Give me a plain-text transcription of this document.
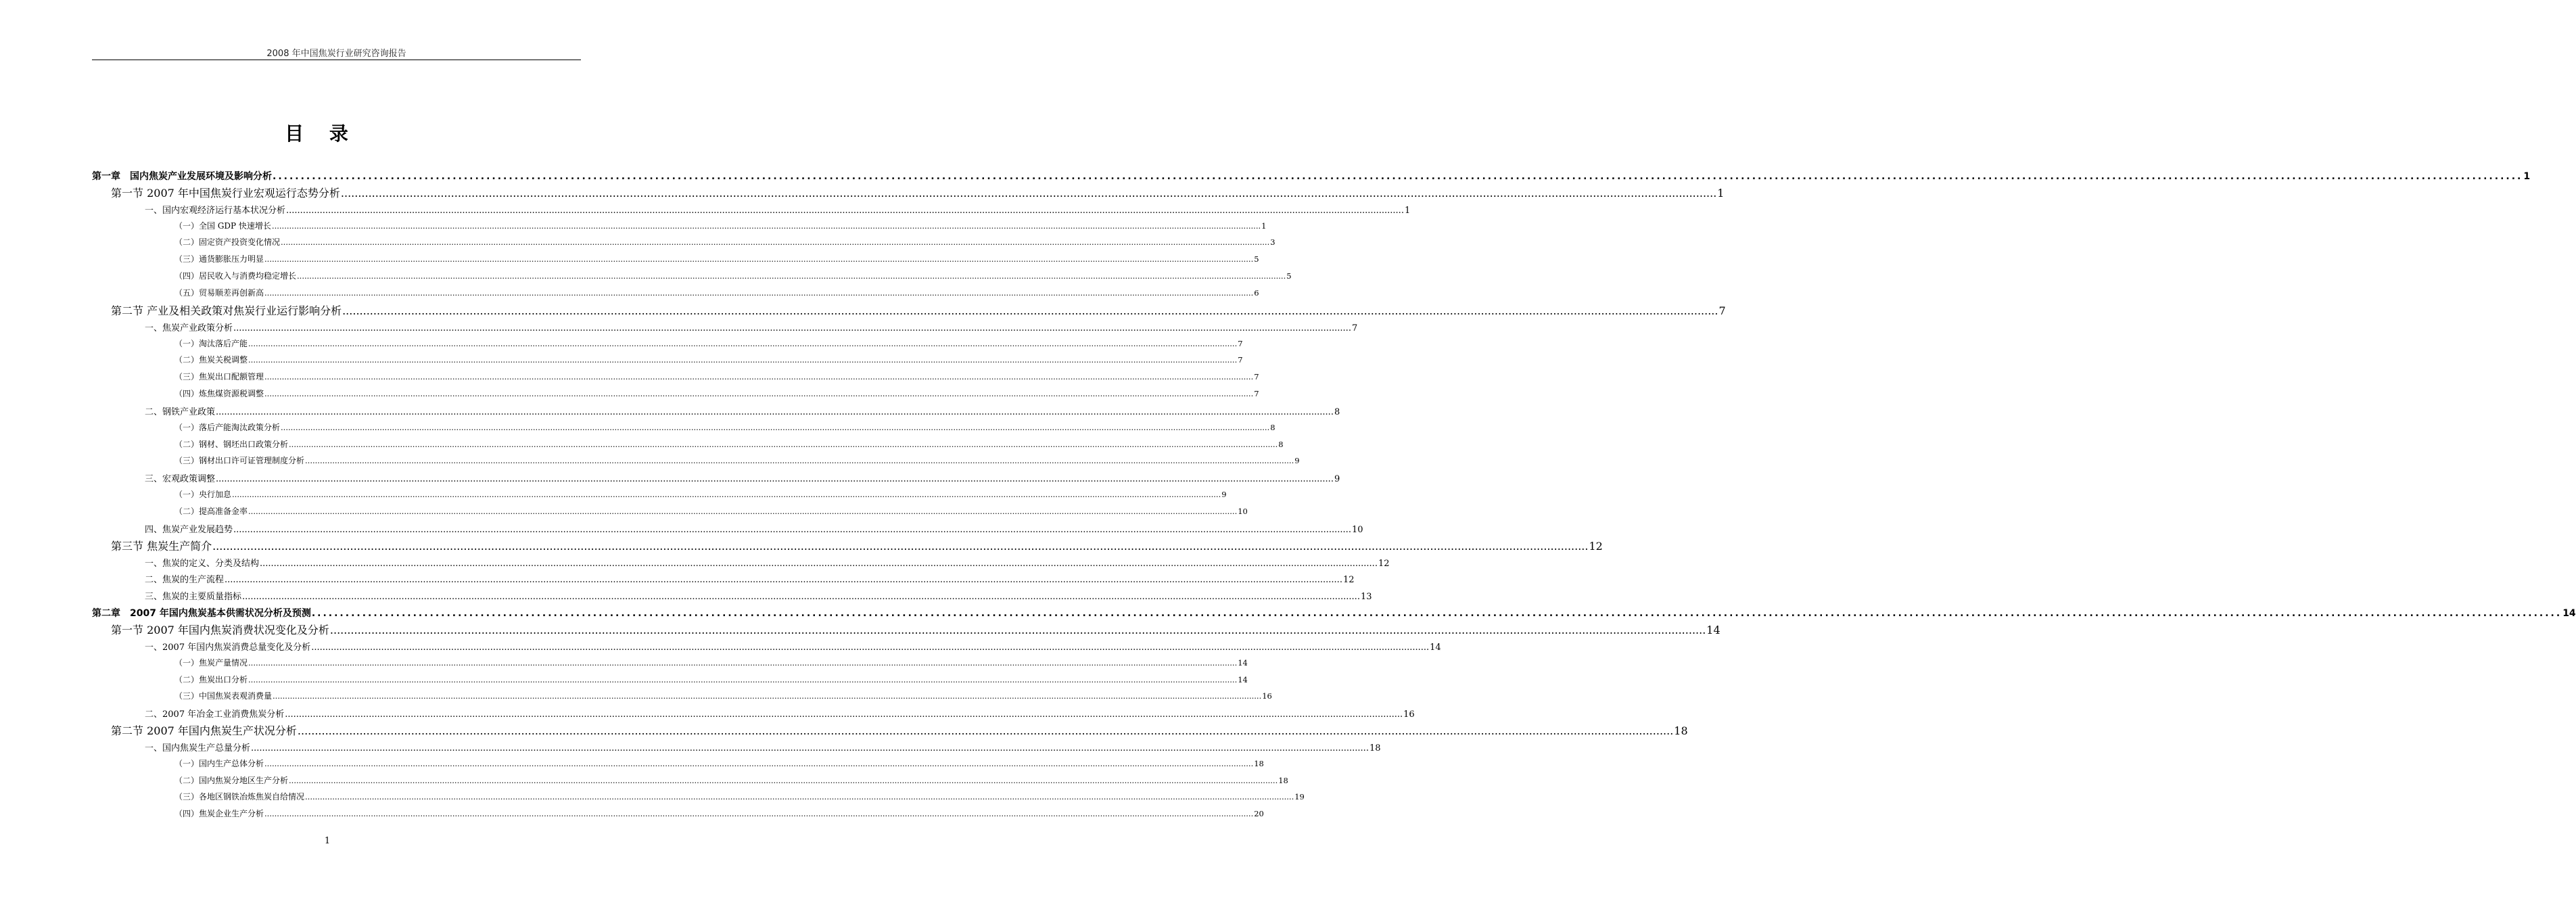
2008 年中国焦炭行业研究咨询报告
目 录
第一章　国内焦炭产业发展环境及影响分析 ................................................................................................................................................................................................................................................................................................................................................................................................................ 1
第一节 2007 年中国焦炭行业宏观运行态势分析 ................................................................................................................................................................................................................................................................................................................................................................................................................ 1
一、国内宏观经济运行基本状况分析 ................................................................................................................................................................................................................................................................................................................................................................................................................ 1
（一）全国 GDP 快速增长 ................................................................................................................................................................................................................................................................................................................................................................................................................ 1
（二）固定资产投资变化情况 ................................................................................................................................................................................................................................................................................................................................................................................................................ 3
（三）通货膨胀压力明显 ................................................................................................................................................................................................................................................................................................................................................................................................................ 5
（四）居民收入与消费均稳定增长 ................................................................................................................................................................................................................................................................................................................................................................................................................ 5
（五）贸易顺差再创新高 ................................................................................................................................................................................................................................................................................................................................................................................................................ 6
第二节 产业及相关政策对焦炭行业运行影响分析 ................................................................................................................................................................................................................................................................................................................................................................................................................ 7
一、焦炭产业政策分析 ................................................................................................................................................................................................................................................................................................................................................................................................................ 7
（一）淘汰落后产能 ................................................................................................................................................................................................................................................................................................................................................................................................................ 7
（二）焦炭关税调整 ................................................................................................................................................................................................................................................................................................................................................................................................................ 7
（三）焦炭出口配额管理 ................................................................................................................................................................................................................................................................................................................................................................................................................ 7
（四）炼焦煤资源税调整 ................................................................................................................................................................................................................................................................................................................................................................................................................ 7
二、钢铁产业政策 ................................................................................................................................................................................................................................................................................................................................................................................................................ 8
（一）落后产能淘汰政策分析 ................................................................................................................................................................................................................................................................................................................................................................................................................ 8
（二）钢材、钢坯出口政策分析 ................................................................................................................................................................................................................................................................................................................................................................................................................ 8
（三）钢材出口许可证管理制度分析 ................................................................................................................................................................................................................................................................................................................................................................................................................ 9
三、宏观政策调整 ................................................................................................................................................................................................................................................................................................................................................................................................................ 9
（一）央行加息 ................................................................................................................................................................................................................................................................................................................................................................................................................ 9
（二）提高准备金率 ................................................................................................................................................................................................................................................................................................................................................................................................................ 10
四、焦炭产业发展趋势 ................................................................................................................................................................................................................................................................................................................................................................................................................ 10
第三节 焦炭生产简介 ................................................................................................................................................................................................................................................................................................................................................................................................................ 12
一、焦炭的定义、分类及结构 ................................................................................................................................................................................................................................................................................................................................................................................................................ 12
二、焦炭的生产流程 ................................................................................................................................................................................................................................................................................................................................................................................................................ 12
三、焦炭的主要质量指标 ................................................................................................................................................................................................................................................................................................................................................................................................................ 13
第二章　2007 年国内焦炭基本供需状况分析及预测 ................................................................................................................................................................................................................................................................................................................................................................................................................ 14
第一节 2007 年国内焦炭消费状况变化及分析 ................................................................................................................................................................................................................................................................................................................................................................................................................ 14
一、2007 年国内焦炭消费总量变化及分析 ................................................................................................................................................................................................................................................................................................................................................................................................................ 14
（一）焦炭产量情况 ................................................................................................................................................................................................................................................................................................................................................................................................................ 14
（二）焦炭出口分析 ................................................................................................................................................................................................................................................................................................................................................................................................................ 14
（三）中国焦炭表观消费量 ................................................................................................................................................................................................................................................................................................................................................................................................................ 16
二、2007 年冶金工业消费焦炭分析 ................................................................................................................................................................................................................................................................................................................................................................................................................ 16
第二节 2007 年国内焦炭生产状况分析 ................................................................................................................................................................................................................................................................................................................................................................................................................ 18
一、国内焦炭生产总量分析 ................................................................................................................................................................................................................................................................................................................................................................................................................ 18
（一）国内生产总体分析 ................................................................................................................................................................................................................................................................................................................................................................................................................ 18
（二）国内焦炭分地区生产分析 ................................................................................................................................................................................................................................................................................................................................................................................................................ 18
（三）各地区钢铁冶炼焦炭自给情况 ................................................................................................................................................................................................................................................................................................................................................................................................................ 19
（四）焦炭企业生产分析 ................................................................................................................................................................................................................................................................................................................................................................................................................ 20
1
